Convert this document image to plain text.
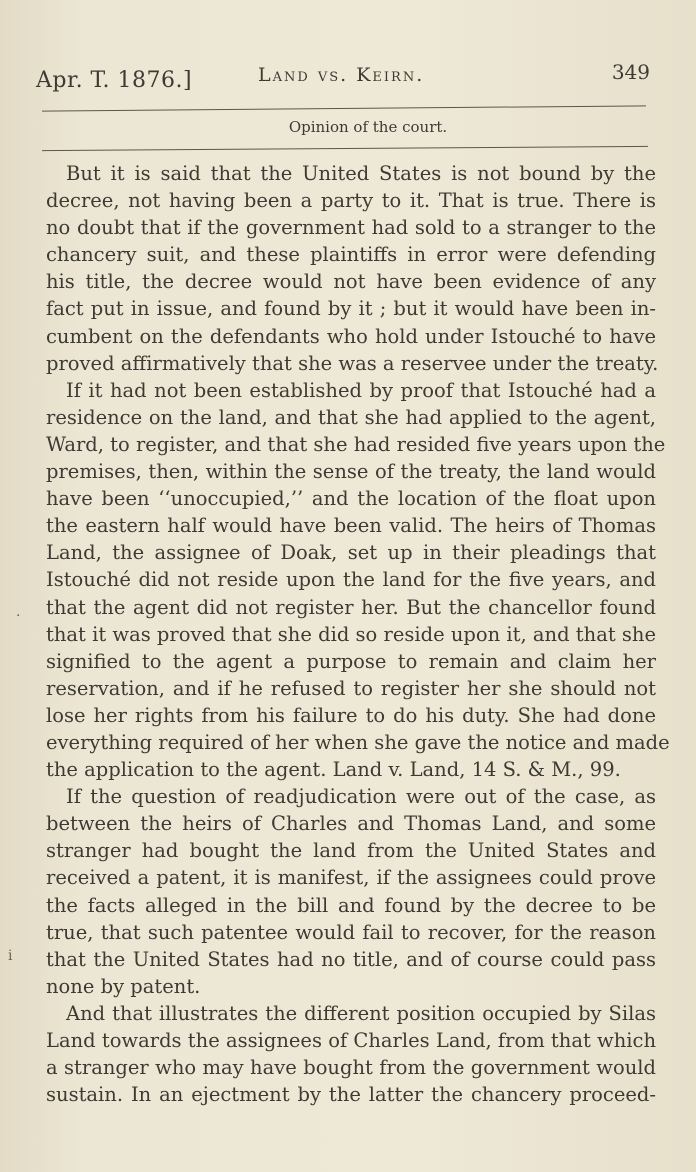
Apr. T. 1876.]	Land vs. Keirn.	349
Opinion of the court.

But it is said that the United States is not bound by the
decree, not having been a party to it. That is true. There is
no doubt that if the government had sold to a stranger to the
chancery suit, and these plaintiffs in error were defending
his title, the decree would not have been evidence of any
fact put in issue, and found by it ; but it would have been in-
cumbent on the defendants who hold under Istouché to have
proved affirmatively that she was a reservee under the treaty.

If it had not been established by proof that Istouché had a
residence on the land, and that she had applied to the agent,
Ward, to register, and that she had resided five years upon the
premises, then, within the sense of the treaty, the land would
have been ‘‘unoccupied,’’ and the location of the float upon
the eastern half would have been valid. The heirs of Thomas
Land, the assignee of Doak, set up in their pleadings that
Istouché did not reside upon the land for the five years, and
that the agent did not register her. But the chancellor found
that it was proved that she did so reside upon it, and that she
signified to the agent a purpose to remain and claim her
reservation, and if he refused to register her she should not
lose her rights from his failure to do his duty. She had done
everything required of her when she gave the notice and made
the application to the agent. Land v. Land, 14 S. & M., 99.

If the question of readjudication were out of the case, as
between the heirs of Charles and Thomas Land, and some
stranger had bought the land from the United States and
received a patent, it is manifest, if the assignees could prove
the facts alleged in the bill and found by the decree to be
true, that such patentee would fail to recover, for the reason
that the United States had no title, and of course could pass
none by patent.

And that illustrates the different position occupied by Silas
Land towards the assignees of Charles Land, from that which
a stranger who may have bought from the government would
sustain. In an ejectment by the latter the chancery proceed-

·
ⅰ
